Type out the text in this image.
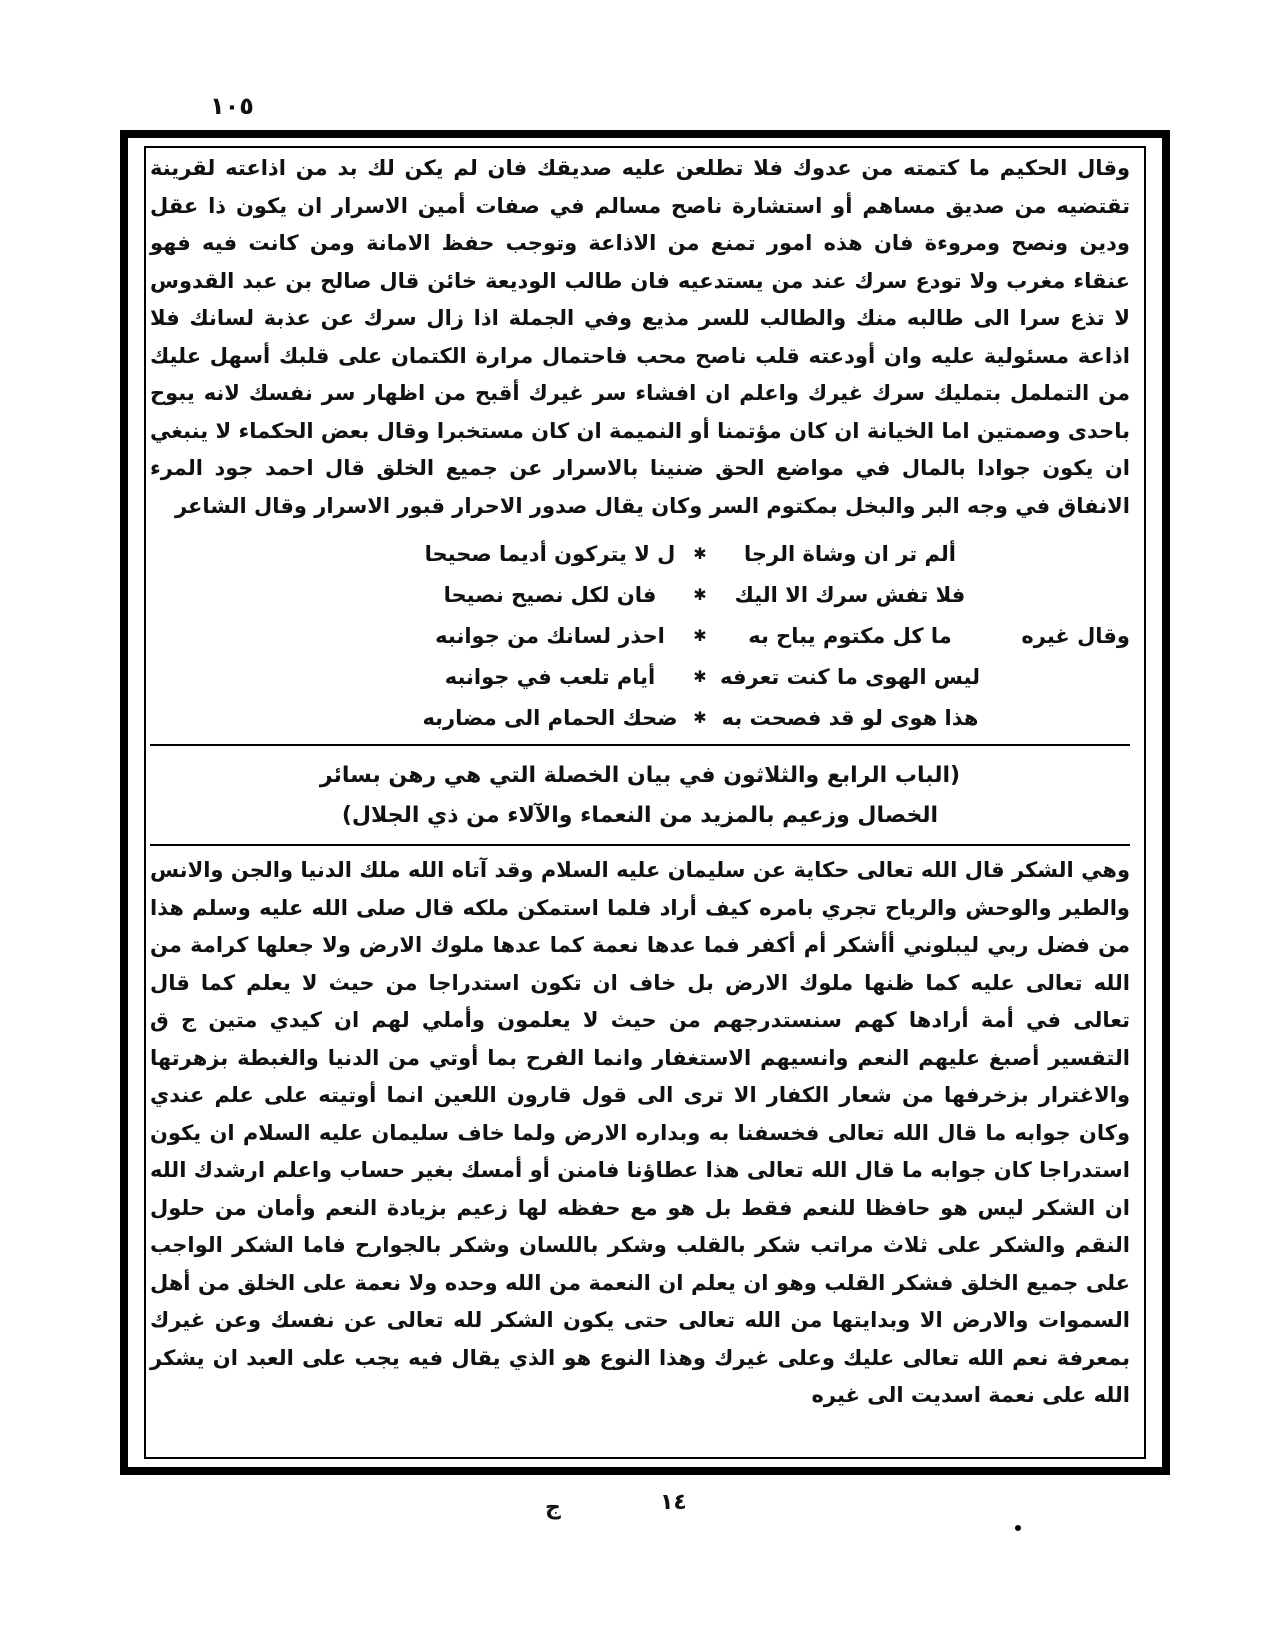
١٠٥

وقال الحكيم ما كتمته من عدوك فلا تطلعن عليه صديقك فان لم يكن لك بد من اذاعته لقرينة تقتضيه من صديق مساهم أو استشارة ناصح مسالم في صفات أمين الاسرار ان يكون ذا عقل ودين ونصح ومروءة فان هذه امور تمنع من الاذاعة وتوجب حفظ الامانة ومن كانت فيه فهو عنقاء مغرب ولا تودع سرك عند من يستدعيه فان طالب الوديعة خائن قال صالح بن عبد القدوس لا تذع سرا الى طالبه منك والطالب للسر مذيع وفي الجملة اذا زال سرك عن عذبة لسانك فلا اذاعة مسئولية عليه وان أودعته قلب ناصح محب فاحتمال مرارة الكتمان على قلبك أسهل عليك من التململ بتمليك سرك غيرك واعلم ان افشاء سر غيرك أقبح من اظهار سر نفسك لانه يبوح باحدى وصمتين اما الخيانة ان كان مؤتمنا أو النميمة ان كان مستخبرا وقال بعض الحكماء لا ينبغي ان يكون جوادا بالمال في مواضع الحق ضنينا بالاسرار عن جميع الخلق قال احمد جود المرء الانفاق في وجه البر والبخل بمكتوم السر وكان يقال صدور الاحرار قبور الاسرار وقال الشاعر

ألم تر ان وشاة الرجا
✱
ل لا يتركون أديما صحيحا
فلا تفش سرك الا اليك
✱
فان لكل نصيح نصيحا
وقال غيره
ما كل مكتوم يباح به
✱
احذر لسانك من جوانبه
ليس الهوى ما كنت تعرفه
✱
أيام تلعب في جوانبه
هذا هوى لو قد فصحت به
✱
ضحك الحمام الى مضاربه
(الباب الرابع والثلاثون في بيان الخصلة التي هي رهن بسائر
الخصال وزعيم بالمزيد من النعماء والآلاء من ذي الجلال)

وهي الشكر قال الله تعالى حكاية عن سليمان عليه السلام وقد آتاه الله ملك الدنيا والجن والانس والطير والوحش والرياح تجري بامره كيف أراد فلما استمكن ملكه قال صلى الله عليه وسلم هذا من فضل ربي ليبلوني أأشكر أم أكفر فما عدها نعمة كما عدها ملوك الارض ولا جعلها كرامة من الله تعالى عليه كما ظنها ملوك الارض بل خاف ان تكون استدراجا من حيث لا يعلم كما قال تعالى في أمة أرادها كهم سنستدرجهم من حيث لا يعلمون وأملي لهم ان كيدي متين ج ق التقسير أصبغ عليهم النعم وانسيهم الاستغفار وانما الفرح بما أوتي من الدنيا والغبطة بزهرتها والاغترار بزخرفها من شعار الكفار الا ترى الى قول قارون اللعين انما أوتيته على علم عندي وكان جوابه ما قال الله تعالى فخسفنا به وبداره الارض ولما خاف سليمان عليه السلام ان يكون استدراجا كان جوابه ما قال الله تعالى هذا عطاؤنا فامنن أو أمسك بغير حساب واعلم ارشدك الله ان الشكر ليس هو حافظا للنعم فقط بل هو مع حفظه لها زعيم بزيادة النعم وأمان من حلول النقم والشكر على ثلاث مراتب شكر بالقلب وشكر باللسان وشكر بالجوارح فاما الشكر الواجب على جميع الخلق فشكر القلب وهو ان يعلم ان النعمة من الله وحده ولا نعمة على الخلق من أهل السموات والارض الا وبدايتها من الله تعالى حتى يكون الشكر لله تعالى عن نفسك وعن غيرك بمعرفة نعم الله تعالى عليك وعلى غيرك وهذا النوع هو الذي يقال فيه يجب على العبد ان يشكر الله على نعمة اسديت الى غيره

ج	١٤
